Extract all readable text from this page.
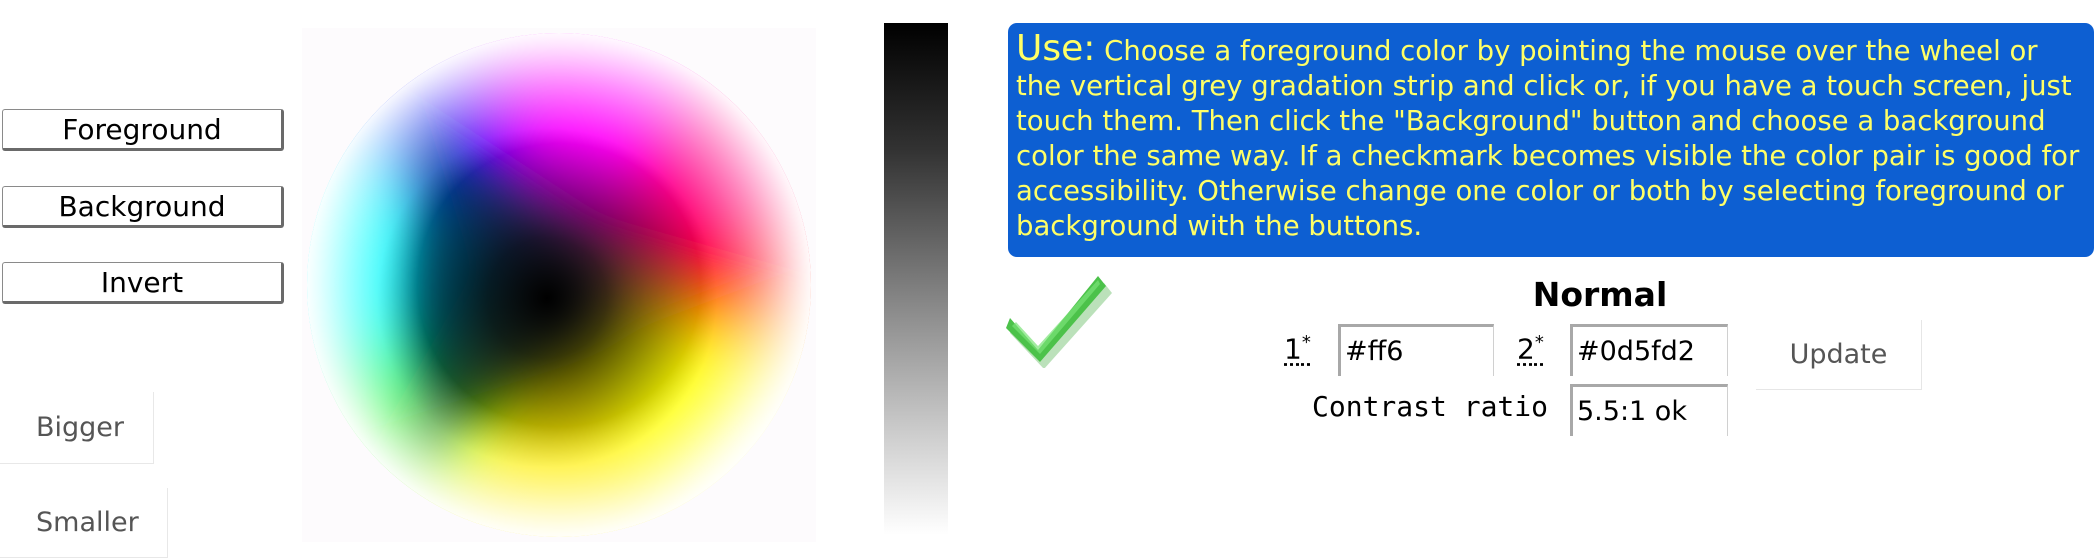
Foreground
Background
Invert
Bigger
Smaller
Use: Choose a foreground color by pointing the mouse over the wheel or the vertical grey gradation strip and click or, if you have a touch screen, just touch them. Then click the "Background" button and choose a background color the same way. If a checkmark becomes visible the color pair is good for accessibility. Otherwise change one color or both by selecting foreground or background with the buttons.
Normal
1*
#ff6	2*
#0d5fd2
Contrast ratio
5.5:1 ok
Update
